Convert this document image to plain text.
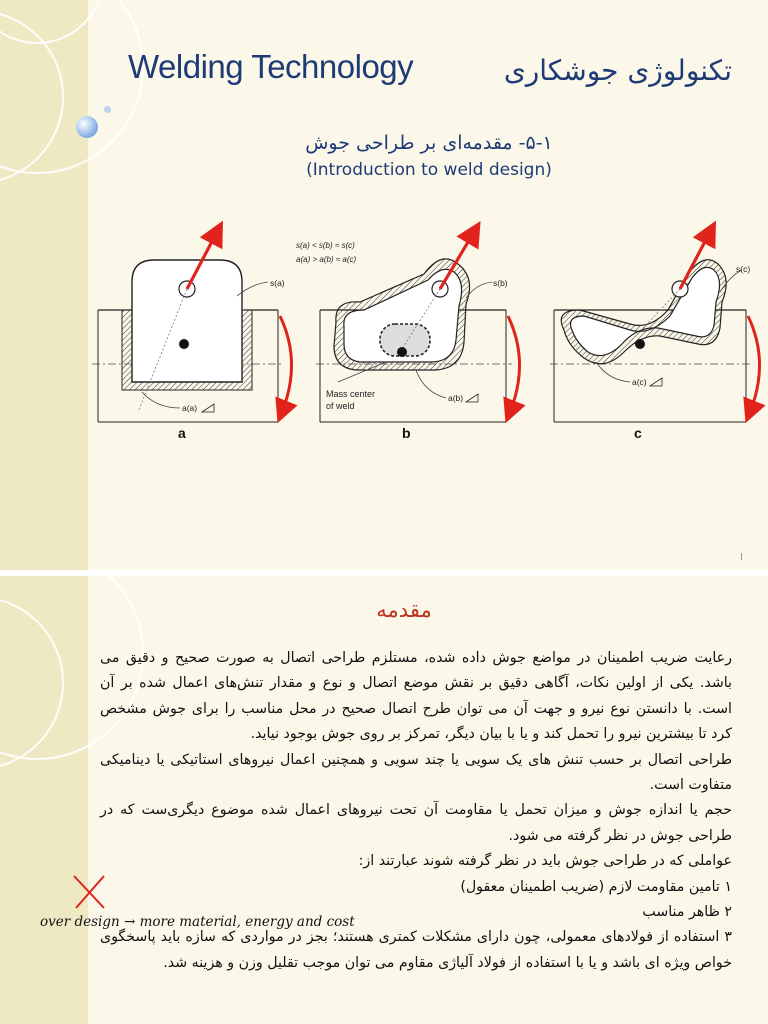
Welding Technology	تکنولوژی جوشکاری
۵-۱- مقدمه‌ای بر طراحی جوش
(Introduction to weld design)
s(a)
a(a)
a
s(a) < s(b) ≈ s(c)
a(a) > a(b) ≈ a(c)
s(b)
Mass center
of weld
a(b)
b
s(c)
a(c)
c
I
مقدمه

رعایت ضریب اطمینان در مواضع جوش داده شده، مستلزم طراحی اتصال به صورت صحیح و دقیق می باشد. یکی از اولین نکات، آگاهی دقیق بر نقش موضع اتصال و نوع و مقدار تنش‌های اعمال شده بر آن است. با دانستن نوع نیرو و جهت آن می توان طرح اتصال صحیح در محل مناسب را برای جوش مشخص کرد تا بیشترین نیرو را تحمل کند و یا با بیان دیگر، تمرکز بر روی جوش بوجود نیاید.

طراحی اتصال بر حسب تنش های یک سویی یا چند سویی و همچنین اعمال نیروهای استاتیکی یا دینامیکی متفاوت است.

حجم یا اندازه جوش و میزان تحمل یا مقاومت آن تحت نیروهای اعمال شده موضوع دیگری‌ست که در طراحی جوش در نظر گرفته می شود.

عواملی که در طراحی جوش باید در نظر گرفته شوند عبارتند از:

۱ تامین مقاومت لازم (ضریب اطمینان معقول)
۲ ظاهر مناسب
۳ استفاده از فولادهای معمولی، چون دارای مشکلات کمتری هستند؛ بجز در مواردی که سازه باید پاسخگوی خواص ویژه ای باشد و یا با استفاده از فولاد آلیاژی مقاوم می توان موجب تقلیل وزن و هزینه شد.
over design → more material, energy and cost
